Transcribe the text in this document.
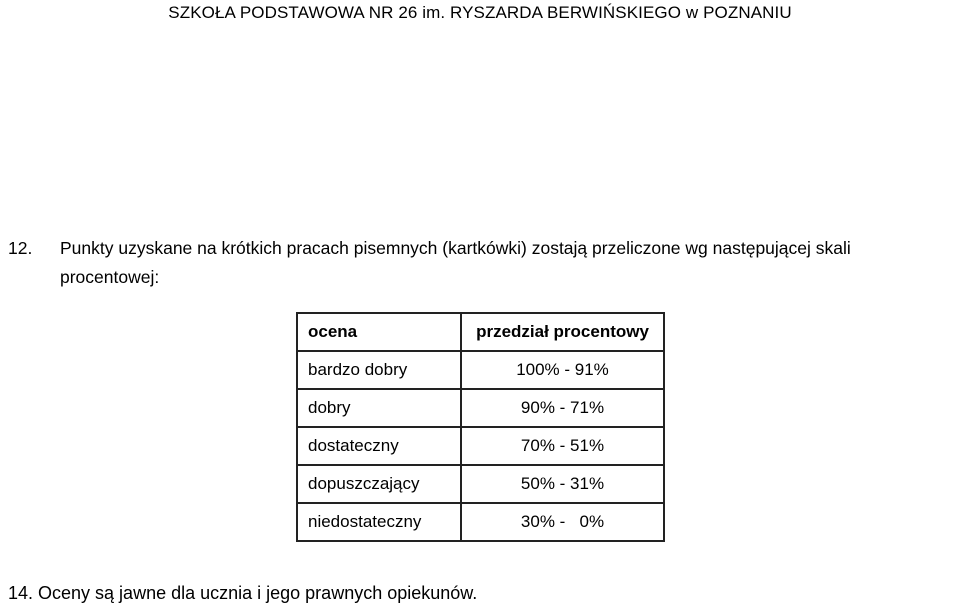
SZKOŁA PODSTAWOWA NR 26 im. RYSZARDA BERWIŃSKIEGO w POZNANIU
12. Punkty uzyskane na krótkich pracach pisemnych (kartkówki) zostają przeliczone wg następującej skali procentowej:
ocena	przedział procentowy
bardzo dobry	100% - 91%
dobry	90% - 71%
dostateczny	70% - 51%
dopuszczający	50% - 31%
niedostateczny	30% -   0%
14. Oceny są jawne dla ucznia i jego prawnych opiekunów.
